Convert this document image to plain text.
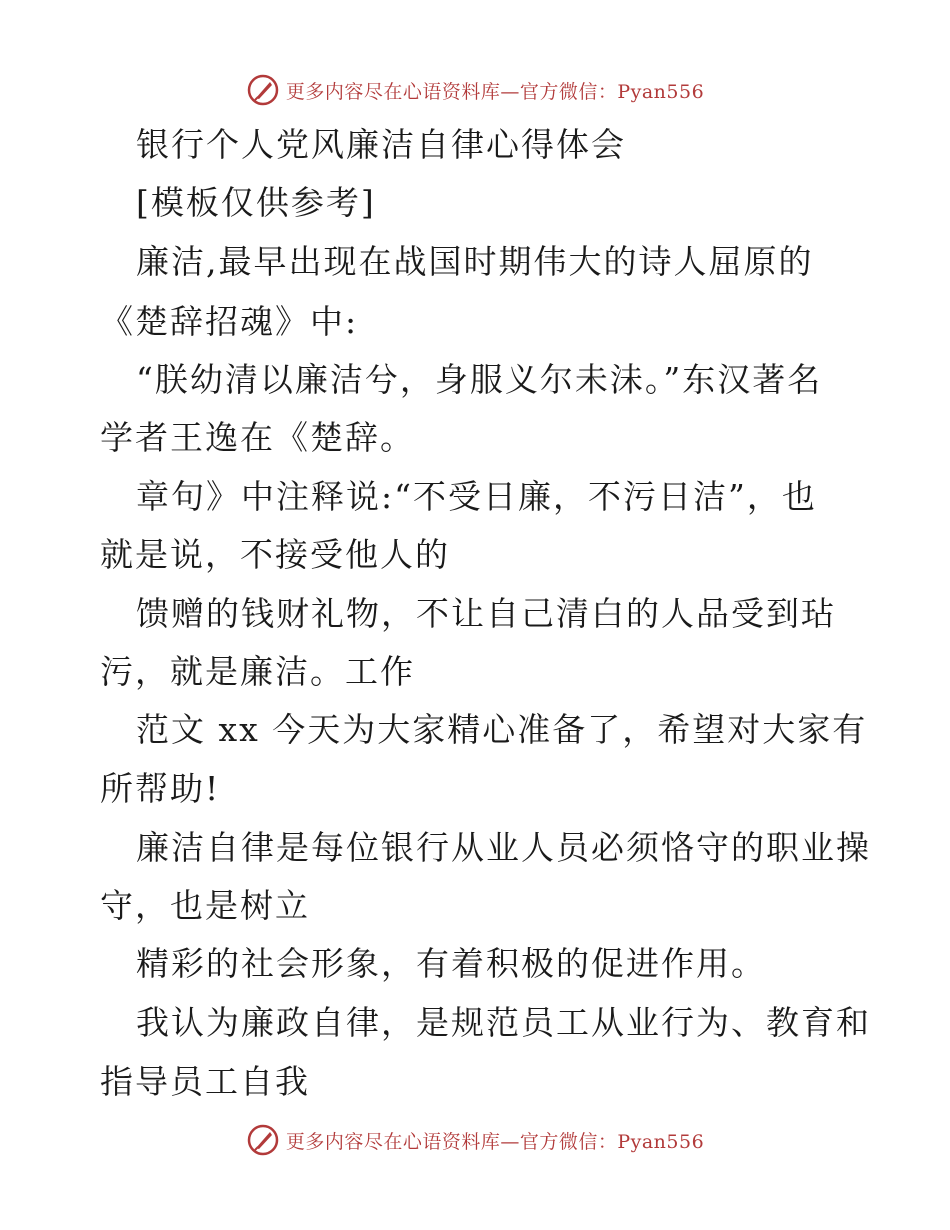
更多内容尽在心语资料库—官方微信：Pyan556
银行个人党风廉洁自律心得体会
[模板仅供参考]
廉洁,最早出现在战国时期伟大的诗人屈原的
《楚辞招魂》中:
“朕幼清以廉洁兮，身服义尔未沬。”东汉著名
学者王逸在《楚辞。
章句》中注释说:“不受日廉，不污日洁”，也
就是说，不接受他人的
馈赠的钱财礼物，不让自己清白的人品受到玷
污，就是廉洁。工作
范文 xx 今天为大家精心准备了，希望对大家有
所帮助!
廉洁自律是每位银行从业人员必须恪守的职业操
守，也是树立
精彩的社会形象，有着积极的促进作用。
我认为廉政自律，是规范员工从业行为、教育和
指导员工自我
更多内容尽在心语资料库—官方微信：Pyan556
